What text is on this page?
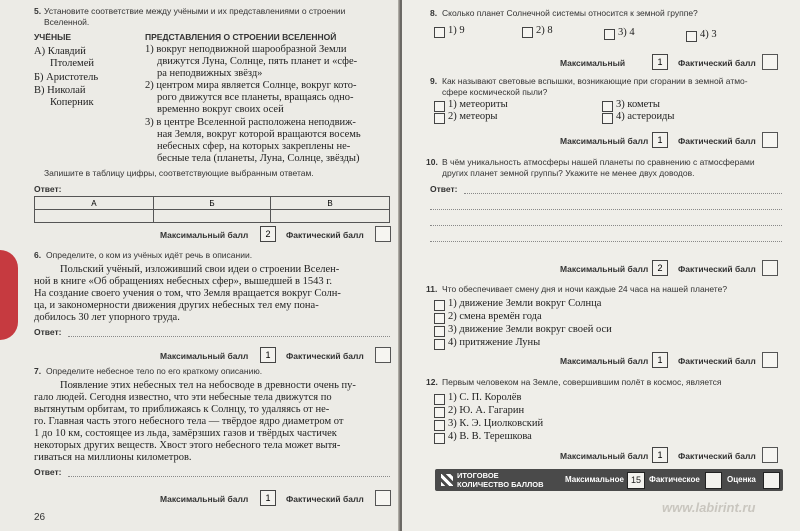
5. Установите соответствие между учёными и их представлениями о строении
Вселенной.
УЧЁНЫЕ	ПРЕДСТАВЛЕНИЯ О СТРОЕНИИ ВСЕЛЕННОЙ
А) Клавдий
Птолемей
Б) Аристотель
В) Николай
Коперник
1) вокруг неподвижной шарообразной Земли
движутся Луна, Солнце, пять планет и «сфе-
ра неподвижных звёзд»
2) центром мира является Солнце, вокруг кото-
рого движутся все планеты, вращаясь одно-
временно вокруг своих осей
3) в центре Вселенной расположена неподвиж-
ная Земля, вокруг которой вращаются восемь
небесных сфер, на которых закреплены не-
бесные тела (планеты, Луна, Солнце, звёзды)
Запишите в таблицу цифры, соответствующие выбранным ответам.
Ответ:
А	Б	В

Максимальный балл	2	Фактический балл
6. Определите, о ком из учёных идёт речь в описании.
Польский учёный, изложивший свои идеи о строении Вселен-
ной в книге «Об обращениях небесных сфер», вышедшей в 1543 г.
На создание своего учения о том, что Земля вращается вокруг Солн-
ца, и закономерности движения других небесных тел ему пона-
добилось 30 лет упорного труда.
Ответ:
Максимальный балл	1	Фактический балл
7. Определите небесное тело по его краткому описанию.
Появление этих небесных тел на небосводе в древности очень пу-
гало людей. Сегодня известно, что эти небесные тела движутся по
вытянутым орбитам, то приближаясь к Солнцу, то удаляясь от не-
го. Главная часть этого небесного тела — твёрдое ядро диаметром от
1 до 10 км, состоящее из льда, замёрзших газов и твёрдых частичек
некоторых других веществ. Хвост этого небесного тела может вытя-
гиваться на миллионы километров.
Ответ:
Максимальный балл	1	Фактический балл
26
8. Сколько планет Солнечной системы относится к земной группе?
1) 9	2) 8	3) 4	4) 3
Максимальный	1	Фактический балл
9. Как называют световые вспышки, возникающие при сгорании в земной атмо-
сфере космической пыли?
1) метеориты
2) метеоры
3) кометы
4) астероиды
Максимальный балл	1	Фактический балл
10. В чём уникальность атмосферы нашей планеты по сравнению с атмосферами
других планет земной группы? Укажите не менее двух доводов.
Ответ:
Максимальный балл	2	Фактический балл
11. Что обеспечивает смену дня и ночи каждые 24 часа на нашей планете?
1) движение Земли вокруг Солнца
2) смена времён года
3) движение Земли вокруг своей оси
4) притяжение Луны
Максимальный балл	1	Фактический балл
12. Первым человеком на Земле, совершившим полёт в космос, является
1) С. П. Королёв
2) Ю. А. Гагарин
3) К. Э. Циолковский
4) В. В. Терешкова
Максимальный балл	1	Фактический балл
www.labirint.ru
ИТОГОВОЕ
КОЛИЧЕСТВО БАЛЛОВ
Максимальное 15	Фактическое	Оценка
